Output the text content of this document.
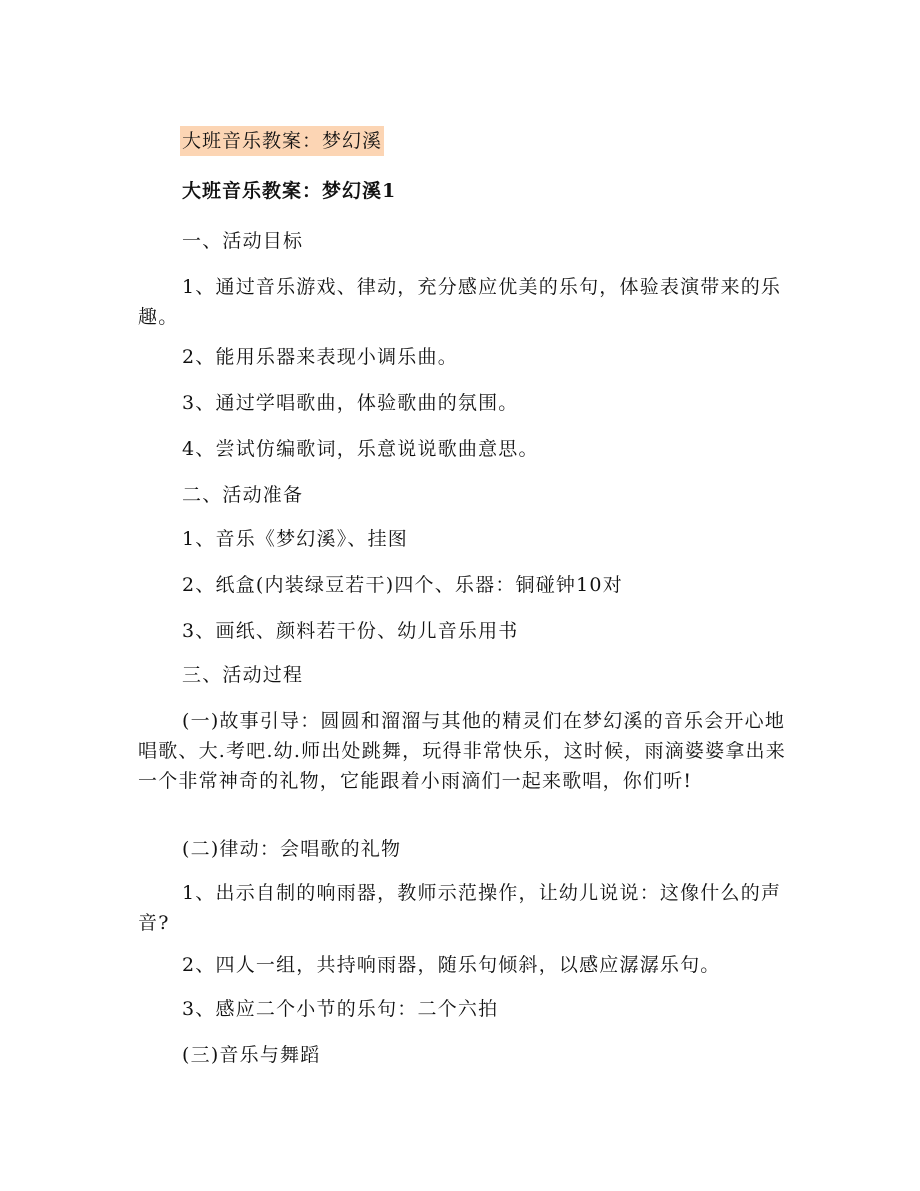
大班音乐教案：梦幻溪
大班音乐教案：梦幻溪1
一、活动目标
1、通过音乐游戏、律动，充分感应优美的乐句，体验表演带来的乐趣。
2、能用乐器来表现小调乐曲。
3、通过学唱歌曲，体验歌曲的氛围。
4、尝试仿编歌词，乐意说说歌曲意思。
二、活动准备
1、音乐《梦幻溪》、挂图
2、纸盒(内装绿豆若干)四个、乐器：铜碰钟10对
3、画纸、颜料若干份、幼儿音乐用书
三、活动过程
(一)故事引导：圆圆和溜溜与其他的精灵们在梦幻溪的音乐会开心地唱歌、大.考吧.幼.师出处跳舞，玩得非常快乐，这时候，雨滴婆婆拿出来一个非常神奇的礼物，它能跟着小雨滴们一起来歌唱，你们听!
(二)律动：会唱歌的礼物
1、出示自制的响雨器，教师示范操作，让幼儿说说：这像什么的声音?
2、四人一组，共持响雨器，随乐句倾斜，以感应潺潺乐句。
3、感应二个小节的乐句：二个六拍
(三)音乐与舞蹈
